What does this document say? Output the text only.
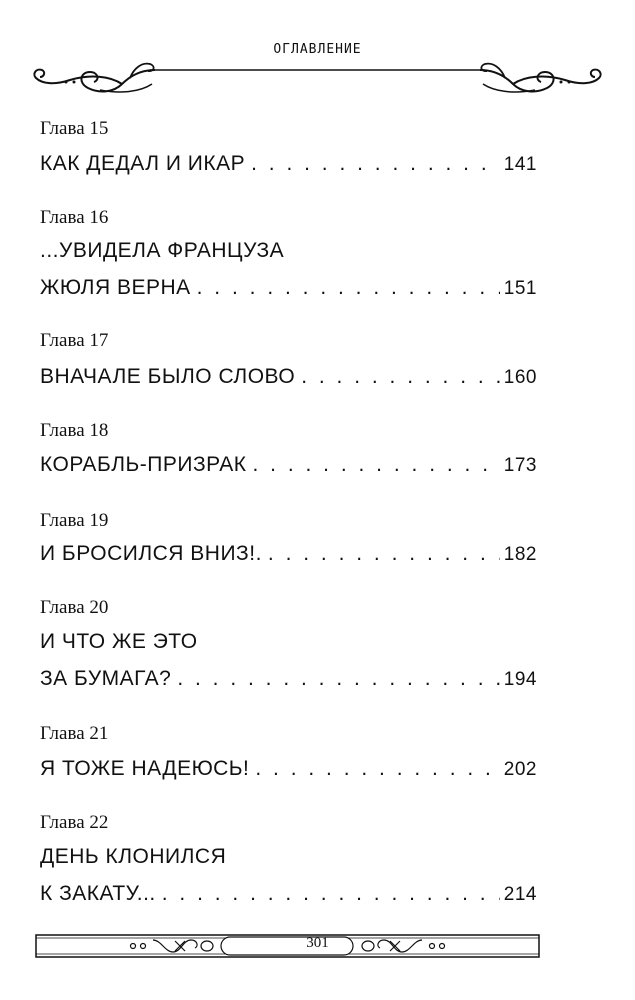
ОГЛАВЛЕНИЕ
Глава 15
КАК ДЕДАЛ И ИКАР . . .	141
Глава 16
...УВИДЕЛА ФРАНЦУЗА
ЖЮЛЯ ВЕРНА . . .	151
Глава 17
ВНАЧАЛЕ БЫЛО СЛОВО . . .	160
Глава 18
КОРАБЛЬ-ПРИЗРАК . . .	173
Глава 19
И БРОСИЛСЯ ВНИЗ!. . . .	182
Глава 20
И ЧТО ЖЕ ЭТО
ЗА БУМАГА? . . .	194
Глава 21
Я ТОЖЕ НАДЕЮСЬ! . . .	202
Глава 22
ДЕНЬ КЛОНИЛСЯ
К ЗАКАТУ... . . .	214
301
